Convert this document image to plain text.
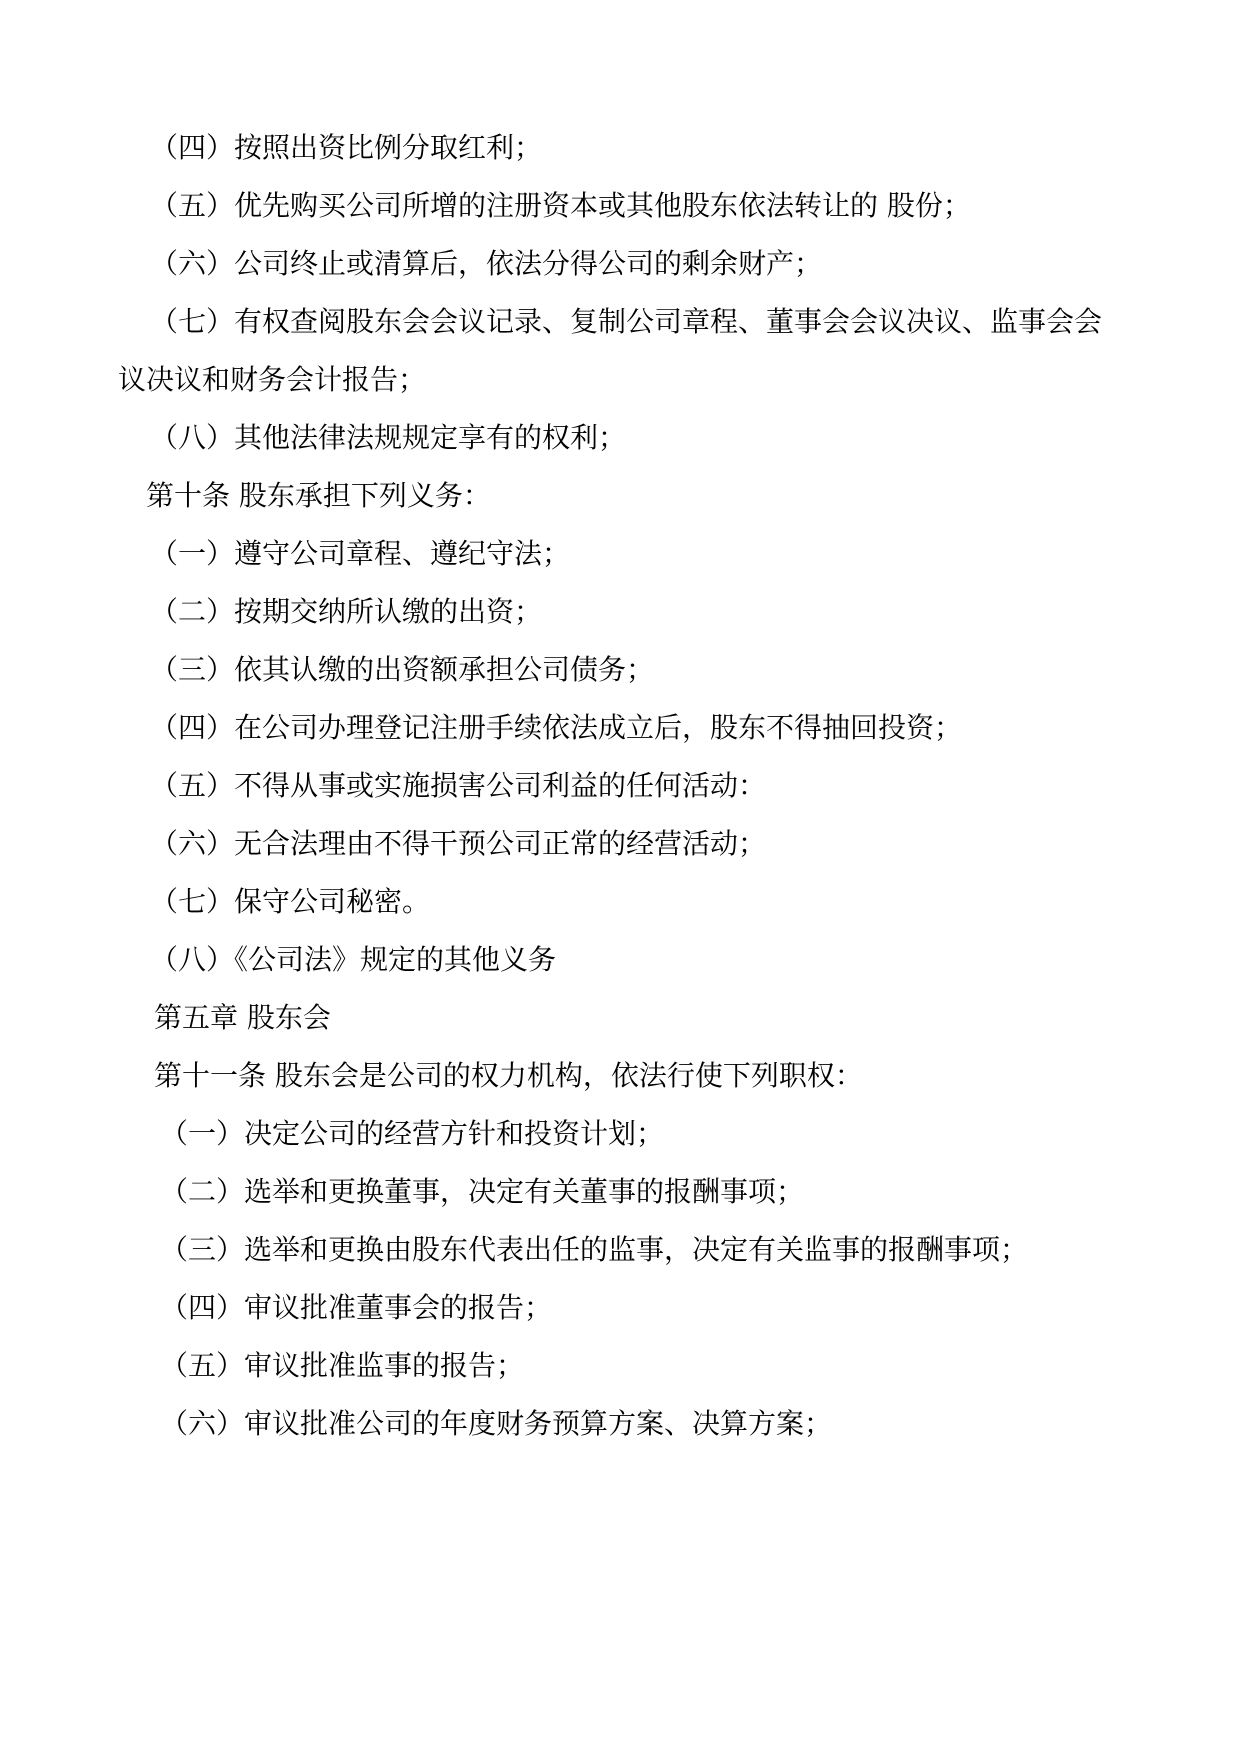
（四）按照出资比例分取红利；
（五）优先购买公司所增的注册资本或其他股东依法转让的 股份；
（六）公司终止或清算后，依法分得公司的剩余财产；
（七）有权查阅股东会会议记录、复制公司章程、董事会会议决议、监事会会
议决议和财务会计报告；
（八）其他法律法规规定享有的权利；
第十条 股东承担下列义务：
（一）遵守公司章程、遵纪守法；
（二）按期交纳所认缴的出资；
（三）依其认缴的出资额承担公司债务；
（四）在公司办理登记注册手续依法成立后，股东不得抽回投资；
（五）不得从事或实施损害公司利益的任何活动：
（六）无合法理由不得干预公司正常的经营活动；
（七）保守公司秘密。
（八）《公司法》规定的其他义务
第五章 股东会
第十一条 股东会是公司的权力机构，依法行使下列职权：
（一）决定公司的经营方针和投资计划；
（二）选举和更换董事，决定有关董事的报酬事项；
（三）选举和更换由股东代表出任的监事，决定有关监事的报酬事项；
（四）审议批准董事会的报告；
（五）审议批准监事的报告；
（六）审议批准公司的年度财务预算方案、决算方案；
